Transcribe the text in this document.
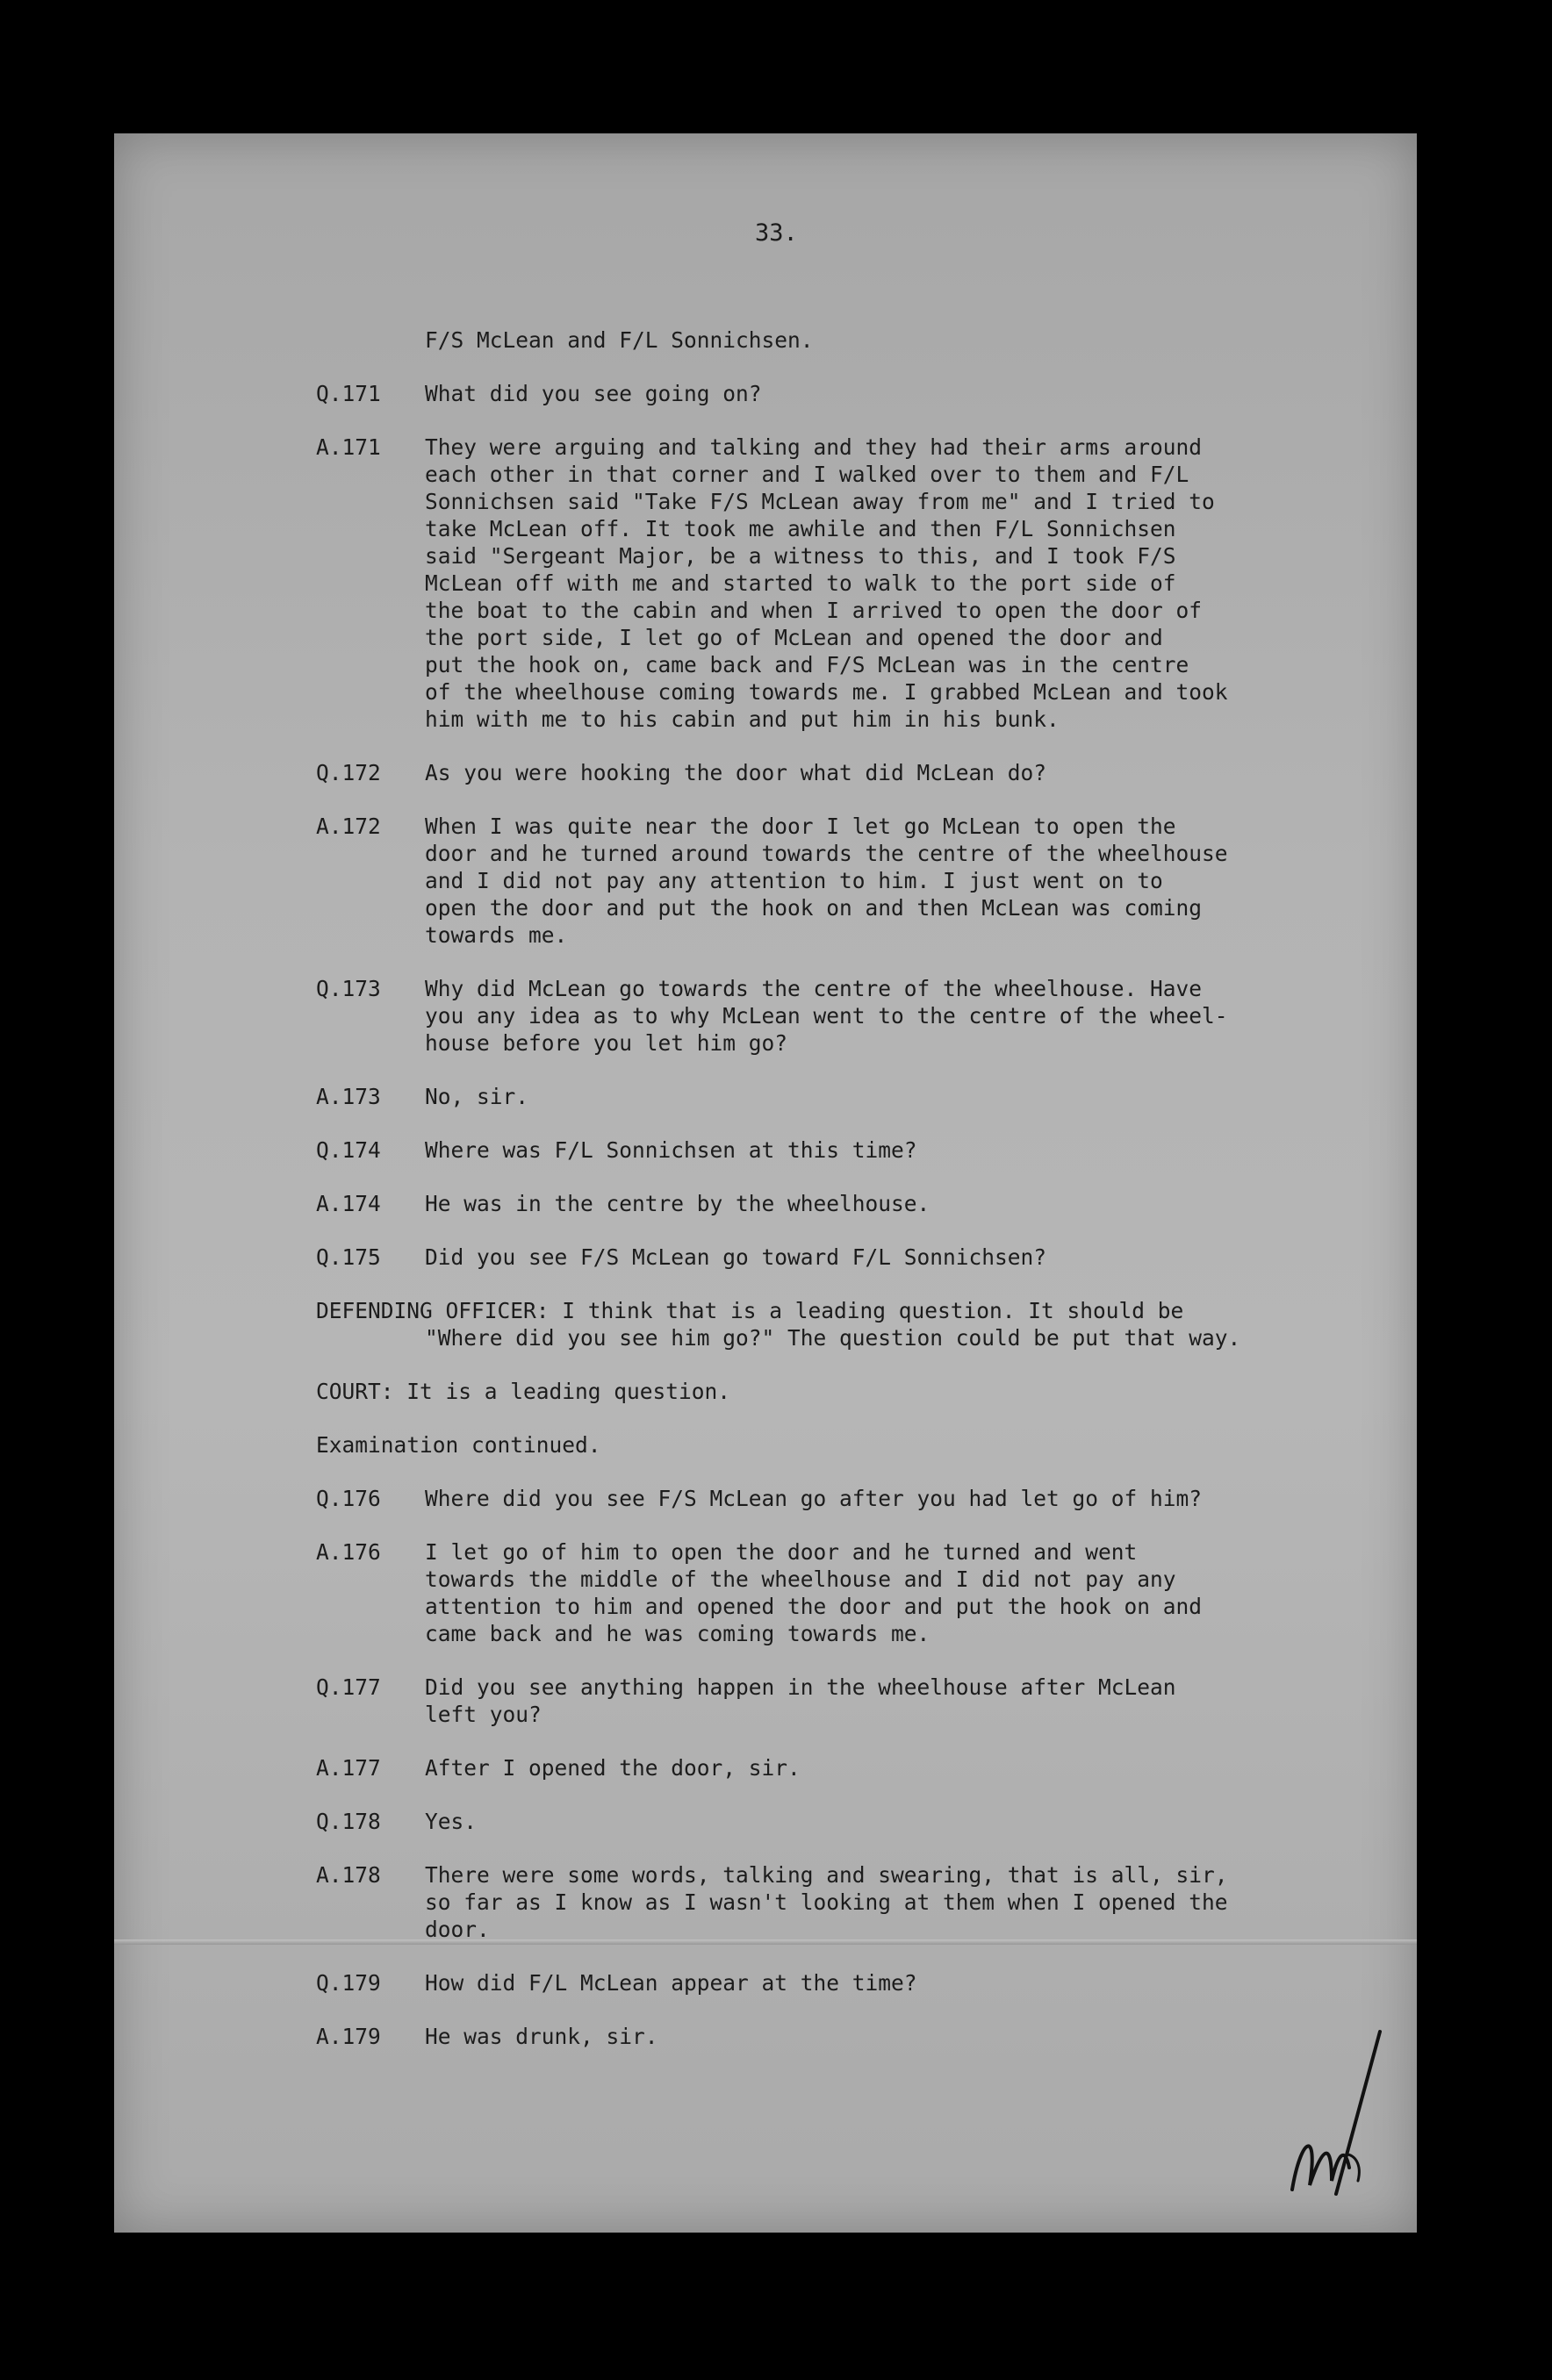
33.
F/S McLean and F/L Sonnichsen.
Q.171	What did you see going on?
A.171	They were arguing and talking and they had their arms around
each other in that corner and I walked over to them and F/L
Sonnichsen said "Take F/S McLean away from me" and I tried to
take McLean off. It took me awhile and then F/L Sonnichsen
said "Sergeant Major, be a witness to this, and I took F/S
McLean off with me and started to walk to the port side of
the boat to the cabin and when I arrived to open the door of
the port side, I let go of McLean and opened the door and
put the hook on, came back and F/S McLean was in the centre
of the wheelhouse coming towards me. I grabbed McLean and took
him with me to his cabin and put him in his bunk.
Q.172	As you were hooking the door what did McLean do?
A.172	When I was quite near the door I let go McLean to open the
door and he turned around towards the centre of the wheelhouse
and I did not pay any attention to him. I just went on to
open the door and put the hook on and then McLean was coming
towards me.
Q.173	Why did McLean go towards the centre of the wheelhouse. Have
you any idea as to why McLean went to the centre of the wheel-
house before you let him go?
A.173	No, sir.
Q.174	Where was F/L Sonnichsen at this time?
A.174	He was in the centre by the wheelhouse.
Q.175	Did you see F/S McLean go toward F/L Sonnichsen?
DEFENDING OFFICER: I think that is a leading question. It should be
"Where did you see him go?" The question could be put that way.
COURT: It is a leading question.
Examination continued.
Q.176	Where did you see F/S McLean go after you had let go of him?
A.176	I let go of him to open the door and he turned and went
towards the middle of the wheelhouse and I did not pay any
attention to him and opened the door and put the hook on and
came back and he was coming towards me.
Q.177	Did you see anything happen in the wheelhouse after McLean
left you?
A.177	After I opened the door, sir.
Q.178	Yes.
A.178	There were some words, talking and swearing, that is all, sir,
so far as I know as I wasn't looking at them when I opened the
door.
Q.179	How did F/L McLean appear at the time?
A.179	He was drunk, sir.
